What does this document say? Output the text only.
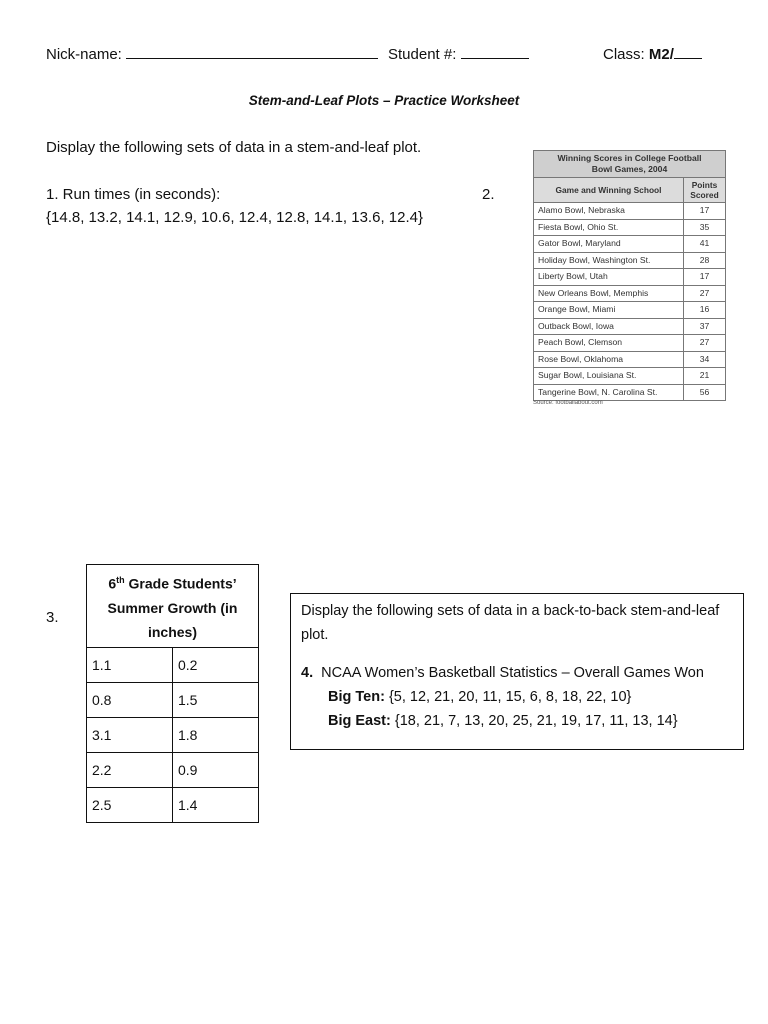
Nick-name:	Student #:	Class: M2/
Stem-and-Leaf Plots – Practice Worksheet
Display the following sets of data in a stem-and-leaf plot.
1. Run times (in seconds):
{14.8, 13.2, 14.1, 12.9, 10.6, 12.4, 12.8, 14.1, 13.6, 12.4}
2.
Winning Scores in College Football
Bowl Games, 2004	
Game and Winning School	Points
Scored
Alamo Bowl, Nebraska	17
Fiesta Bowl, Ohio St.	35
Gator Bowl, Maryland	41
Holiday Bowl, Washington St.	28
Liberty Bowl, Utah	17
New Orleans Bowl, Memphis	27
Orange Bowl, Miami	16
Outback Bowl, Iowa	37
Peach Bowl, Clemson	27
Rose Bowl, Oklahoma	34
Sugar Bowl, Louisiana St.	21
Tangerine Bowl, N. Carolina St.	56
Source: footballabout.com
3.
6th Grade Students’ Summer Growth (in inches)	
1.1	0.2
0.8	1.5
3.1	1.8
2.2	0.9
2.5	1.4

Display the following sets of data in a back-to-back stem-and-leaf plot.

4. NCAA Women’s Basketball Statistics – Overall Games Won

Big Ten: {5, 12, 21, 20, 11, 15, 6, 8, 18, 22, 10}

Big East: {18, 21, 7, 13, 20, 25, 21, 19, 17, 11, 13, 14}
